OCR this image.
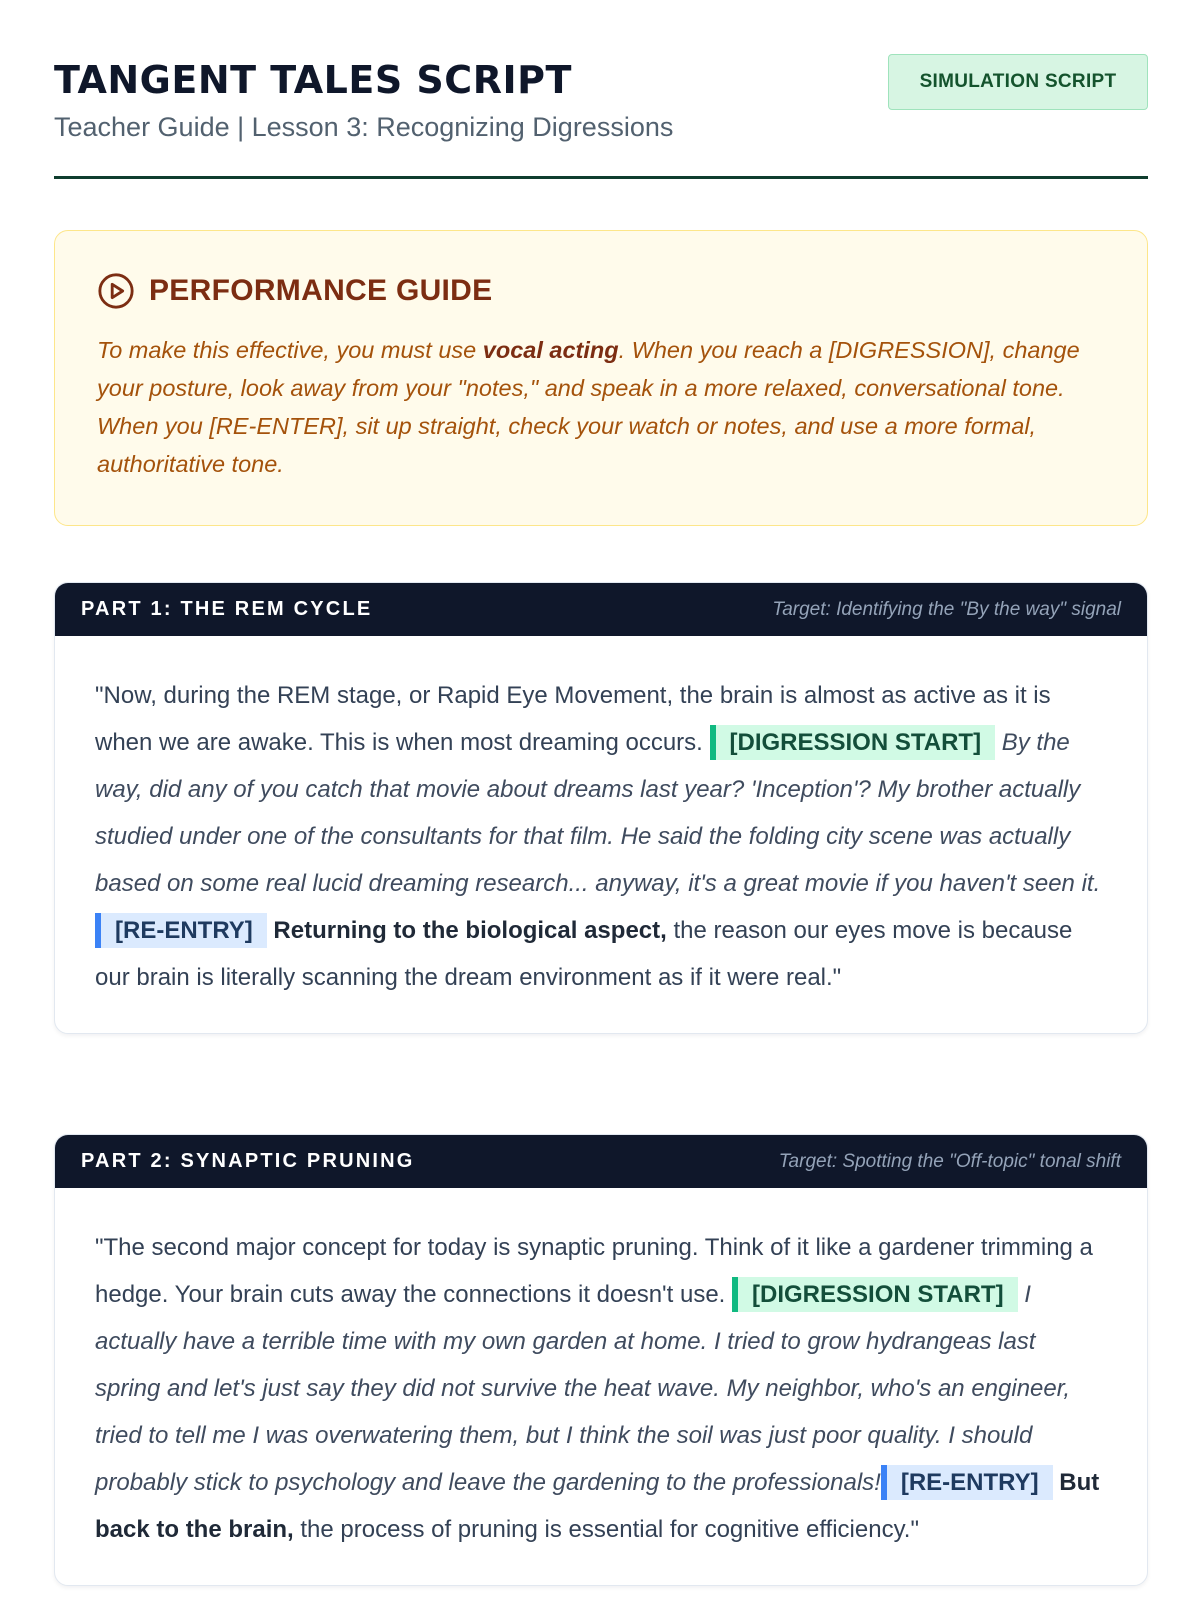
TANGENT TALES SCRIPT

Teacher Guide | Lesson 3: Recognizing Digressions

SIMULATION SCRIPT
PERFORMANCE GUIDE
To make this effective, you must use vocal acting. When you reach a [DIGRESSION], change your posture, look away from your "notes," and speak in a more relaxed, conversational tone. When you [RE-ENTER], sit up straight, check your watch or notes, and use a more formal, authoritative tone.
PART 1: THE REM CYCLE	Target: Identifying the "By the way" signal
"Now, during the REM stage, or Rapid Eye Movement, the brain is almost as active as it is when we are awake. This is when most dreaming occurs. [DIGRESSION START] By the way, did any of you catch that movie about dreams last year? 'Inception'? My brother actually studied under one of the consultants for that film. He said the folding city scene was actually based on some real lucid dreaming research... anyway, it's a great movie if you haven't seen it. [RE-ENTRY] Returning to the biological aspect, the reason our eyes move is because our brain is literally scanning the dream environment as if it were real."
PART 2: SYNAPTIC PRUNING	Target: Spotting the "Off-topic" tonal shift
"The second major concept for today is synaptic pruning. Think of it like a gardener trimming a hedge. Your brain cuts away the connections it doesn't use. [DIGRESSION START] I actually have a terrible time with my own garden at home. I tried to grow hydrangeas last spring and let's just say they did not survive the heat wave. My neighbor, who's an engineer, tried to tell me I was overwatering them, but I think the soil was just poor quality. I should probably stick to psychology and leave the gardening to the professionals! [RE-ENTRY] But back to the brain, the process of pruning is essential for cognitive efficiency."
